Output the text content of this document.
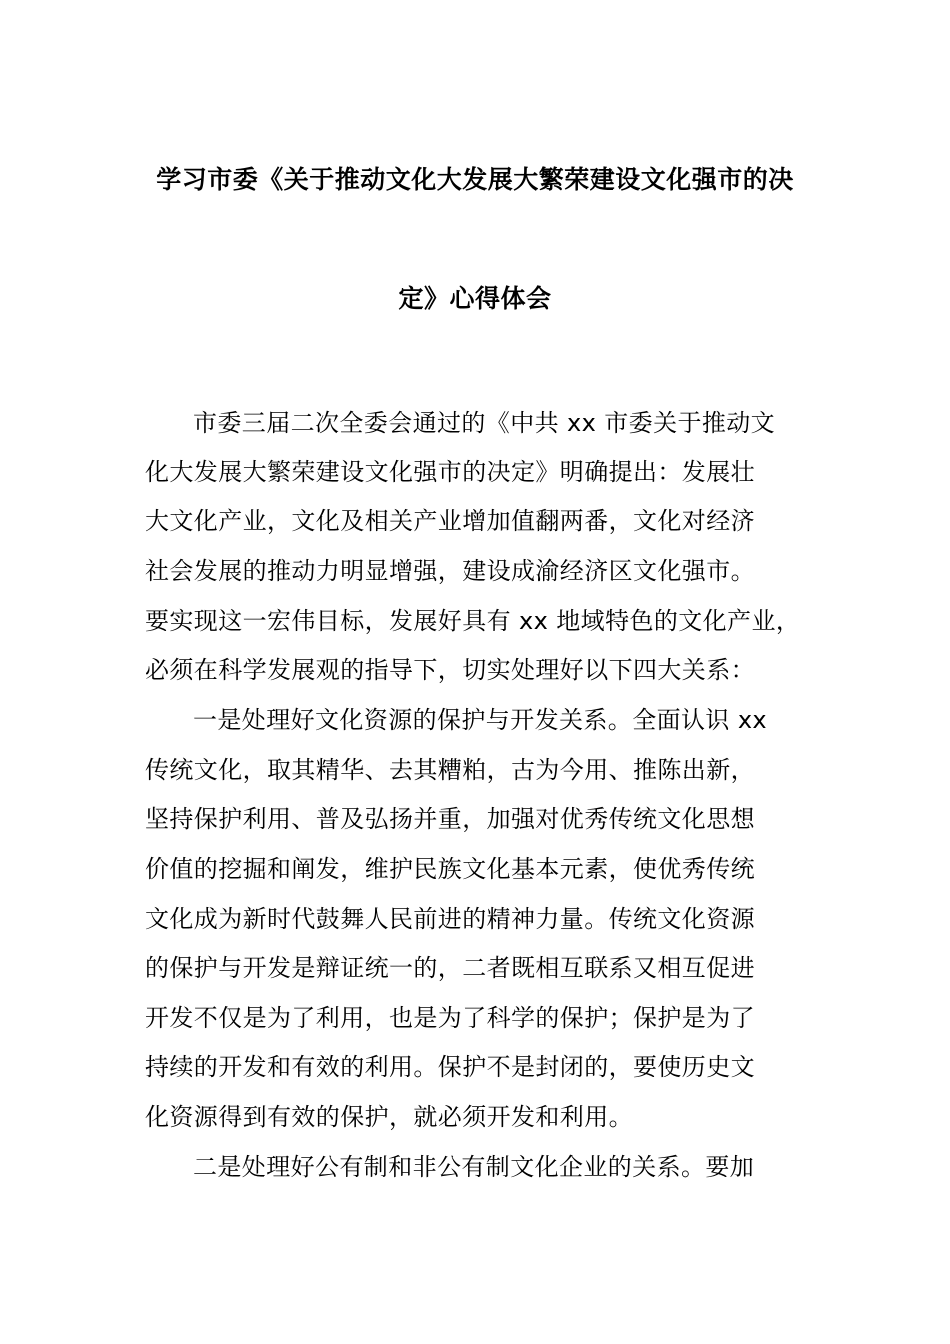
学习市委《关于推动文化大发展大繁荣建设文化强市的决
定》心得体会
市委三届二次全委会通过的《中共 xx 市委关于推动文
化大发展大繁荣建设文化强市的决定》明确提出：发展壮
大文化产业，文化及相关产业增加值翻两番，文化对经济
社会发展的推动力明显增强，建设成渝经济区文化强市。
要实现这一宏伟目标，发展好具有 xx 地域特色的文化产业，
必须在科学发展观的指导下，切实处理好以下四大关系：
一是处理好文化资源的保护与开发关系。全面认识 xx
传统文化，取其精华、去其糟粕，古为今用、推陈出新，
坚持保护利用、普及弘扬并重，加强对优秀传统文化思想
价值的挖掘和阐发，维护民族文化基本元素，使优秀传统
文化成为新时代鼓舞人民前进的精神力量。传统文化资源
的保护与开发是辩证统一的，二者既相互联系又相互促进
开发不仅是为了利用，也是为了科学的保护；保护是为了
持续的开发和有效的利用。保护不是封闭的，要使历史文
化资源得到有效的保护，就必须开发和利用。
二是处理好公有制和非公有制文化企业的关系。要加
